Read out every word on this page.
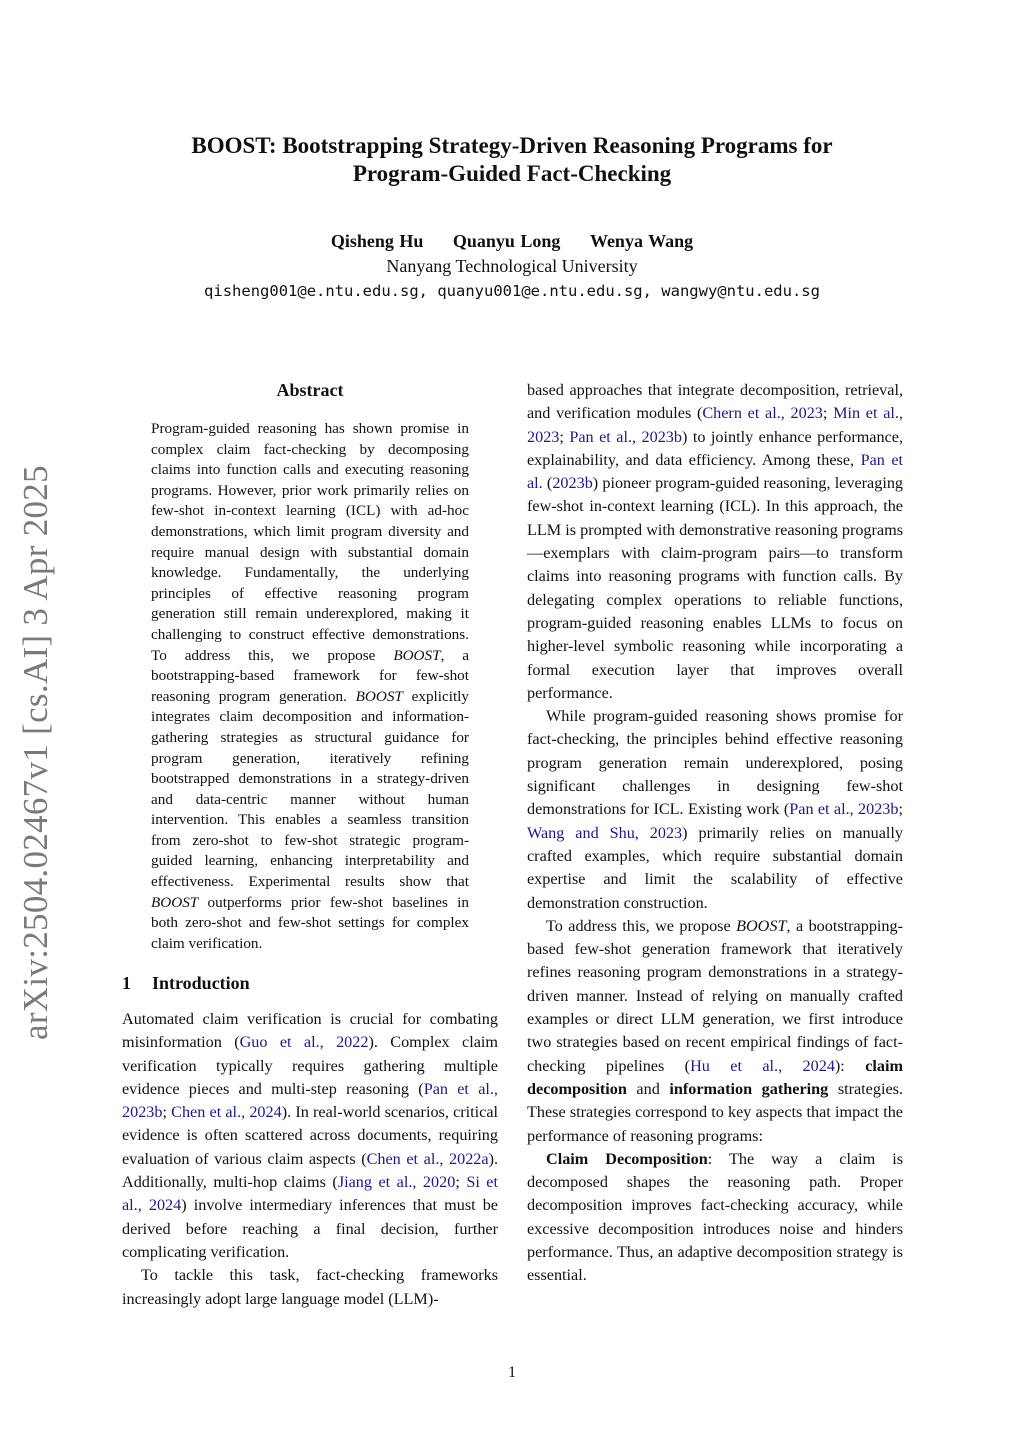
arXiv:2504.02467v1 [cs.AI] 3 Apr 2025
BOOST: Bootstrapping Strategy-Driven Reasoning Programs for
Program-Guided Fact-Checking
Qisheng Hu Quanyu Long Wenya Wang
Nanyang Technological University
qisheng001@e.ntu.edu.sg, quanyu001@e.ntu.edu.sg, wangwy@ntu.edu.sg
Abstract

Program-guided reasoning has shown promise in complex claim fact-checking by decomposing claims into function calls and executing reasoning programs. However, prior work primarily relies on few-shot in-context learning (ICL) with ad-hoc demonstrations, which limit program diversity and require manual design with substantial domain knowledge. Fundamentally, the underlying principles of effective reasoning program generation still remain underexplored, making it challenging to construct effective demonstrations. To address this, we propose BOOST, a bootstrapping-based framework for few-shot reasoning program generation. BOOST explicitly integrates claim decomposition and information-gathering strategies as structural guidance for program generation, iteratively refining bootstrapped demonstrations in a strategy-driven and data-centric manner without human intervention. This enables a seamless transition from zero-shot to few-shot strategic program-guided learning, enhancing interpretability and effectiveness. Experimental results show that BOOST outperforms prior few-shot baselines in both zero-shot and few-shot settings for complex claim verification.

1 Introduction

Automated claim verification is crucial for combating misinformation (Guo et al., 2022). Complex claim verification typically requires gathering multiple evidence pieces and multi-step reasoning (Pan et al., 2023b; Chen et al., 2024). In real-world scenarios, critical evidence is often scattered across documents, requiring evaluation of various claim aspects (Chen et al., 2022a). Additionally, multi-hop claims (Jiang et al., 2020; Si et al., 2024) involve intermediary inferences that must be derived before reaching a final decision, further complicating verification.

To tackle this task, fact-checking frameworks increasingly adopt large language model (LLM)-

based approaches that integrate decomposition, retrieval, and verification modules (Chern et al., 2023; Min et al., 2023; Pan et al., 2023b) to jointly enhance performance, explainability, and data efficiency. Among these, Pan et al. (2023b) pioneer program-guided reasoning, leveraging few-shot in-context learning (ICL). In this approach, the LLM is prompted with demonstrative reasoning programs—exemplars with claim-program pairs—to transform claims into reasoning programs with function calls. By delegating complex operations to reliable functions, program-guided reasoning enables LLMs to focus on higher-level symbolic reasoning while incorporating a formal execution layer that improves overall performance.

While program-guided reasoning shows promise for fact-checking, the principles behind effective reasoning program generation remain underexplored, posing significant challenges in designing few-shot demonstrations for ICL. Existing work (Pan et al., 2023b; Wang and Shu, 2023) primarily relies on manually crafted examples, which require substantial domain expertise and limit the scalability of effective demonstration construction.

To address this, we propose BOOST, a bootstrapping-based few-shot generation framework that iteratively refines reasoning program demonstrations in a strategy-driven manner. Instead of relying on manually crafted examples or direct LLM generation, we first introduce two strategies based on recent empirical findings of fact-checking pipelines (Hu et al., 2024): claim decomposition and information gathering strategies. These strategies correspond to key aspects that impact the performance of reasoning programs:

Claim Decomposition: The way a claim is decomposed shapes the reasoning path. Proper decomposition improves fact-checking accuracy, while excessive decomposition introduces noise and hinders performance. Thus, an adaptive decomposition strategy is essential.

1
